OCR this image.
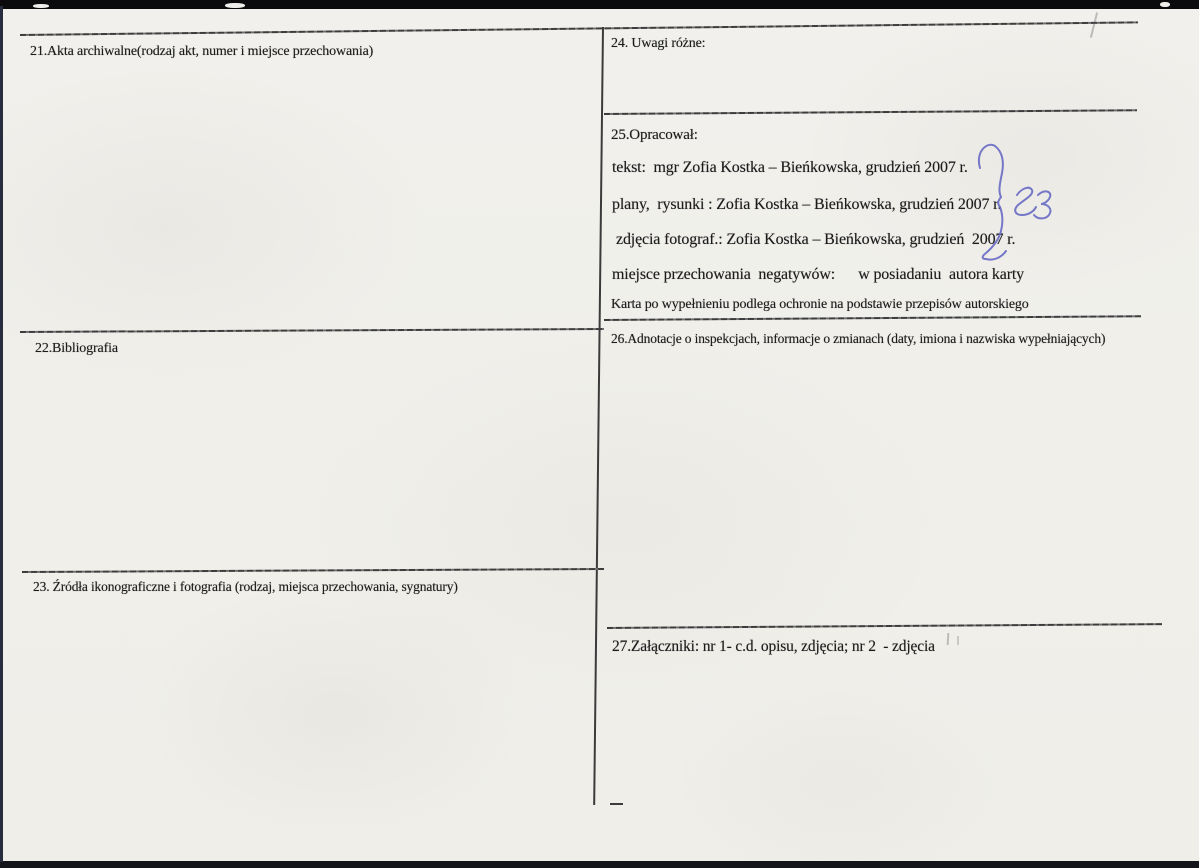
21.Akta archiwalne(rodzaj akt, numer i miejsce przechowania)
22.Bibliografia
23. Źródła ikonograficzne i fotografia (rodzaj, miejsca przechowania, sygnatury)
24. Uwagi różne:
25.Opracował:
tekst:  mgr Zofia Kostka – Bieńkowska, grudzień 2007 r.
plany,  rysunki : Zofia Kostka – Bieńkowska, grudzień 2007 r.
zdjęcia fotograf.: Zofia Kostka – Bieńkowska, grudzień  2007 r.
miejsce przechowania  negatywów:      w posiadaniu  autora karty
Karta po wypełnieniu podlega ochronie na podstawie przepisów autorskiego
26.Adnotacje o inspekcjach, informacje o zmianach (daty, imiona i nazwiska wypełniających)
27.Załączniki: nr 1- c.d. opisu, zdjęcia; nr 2  - zdjęcia
